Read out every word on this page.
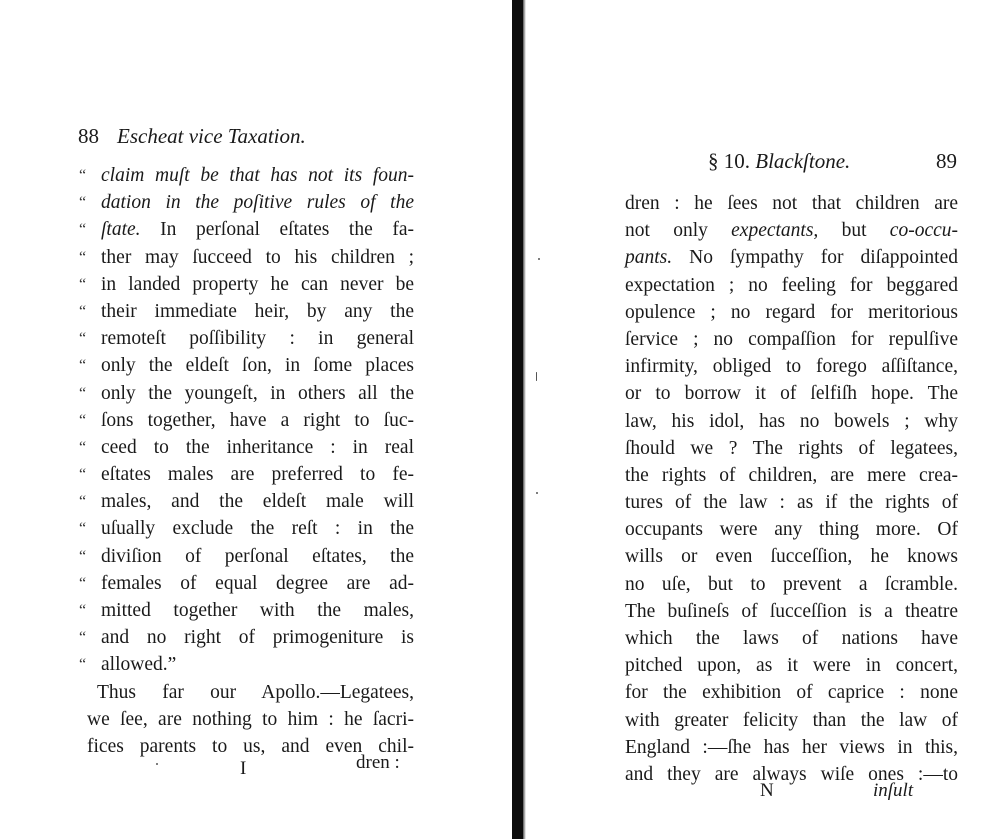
88 Escheat vice Taxation.
“ claim muſt be that has not its foun-
“ dation in the poſitive rules of the
“ ſtate. In perſonal eſtates the fa-
“ ther may ſucceed to his children ;
“ in landed property he can never be
“ their immediate heir, by any the
“ remoteſt poſſibility : in general
“ only the eldeſt ſon, in ſome places
“ only the youngeſt, in others all the
“ ſons together, have a right to ſuc-
“ ceed to the inheritance : in real
“ eſtates males are preferred to fe-
“ males, and the eldeſt male will
“ uſually exclude the reſt : in the
“ diviſion of perſonal eſtates, the
“ females of equal degree are ad-
“ mitted together with the males,
“ and no right of primogeniture is
“ allowed.”
Thus far our Apollo.—Legatees,
we ſee, are nothing to him : he ſacri-
fices parents to us, and even chil-
I	dren :
§ 10. Blackſtone.	89
dren : he ſees not that children are
not only expectants, but co-occu-
pants. No ſympathy for diſappointed
expectation ; no feeling for beggared
opulence ; no regard for meritorious
ſervice ; no compaſſion for repulſive
infirmity, obliged to forego aſſiſtance,
or to borrow it of ſelfiſh hope. The
law, his idol, has no bowels ; why
ſhould we ? The rights of legatees,
the rights of children, are mere crea-
tures of the law : as if the rights of
occupants were any thing more. Of
wills or even ſucceſſion, he knows
no uſe, but to prevent a ſcramble.
The buſineſs of ſucceſſion is a theatre
which the laws of nations have
pitched upon, as it were in concert,
for the exhibition of caprice : none
with greater felicity than the law of
England :—ſhe has her views in this,
and they are always wiſe ones :—to
N	inſult
